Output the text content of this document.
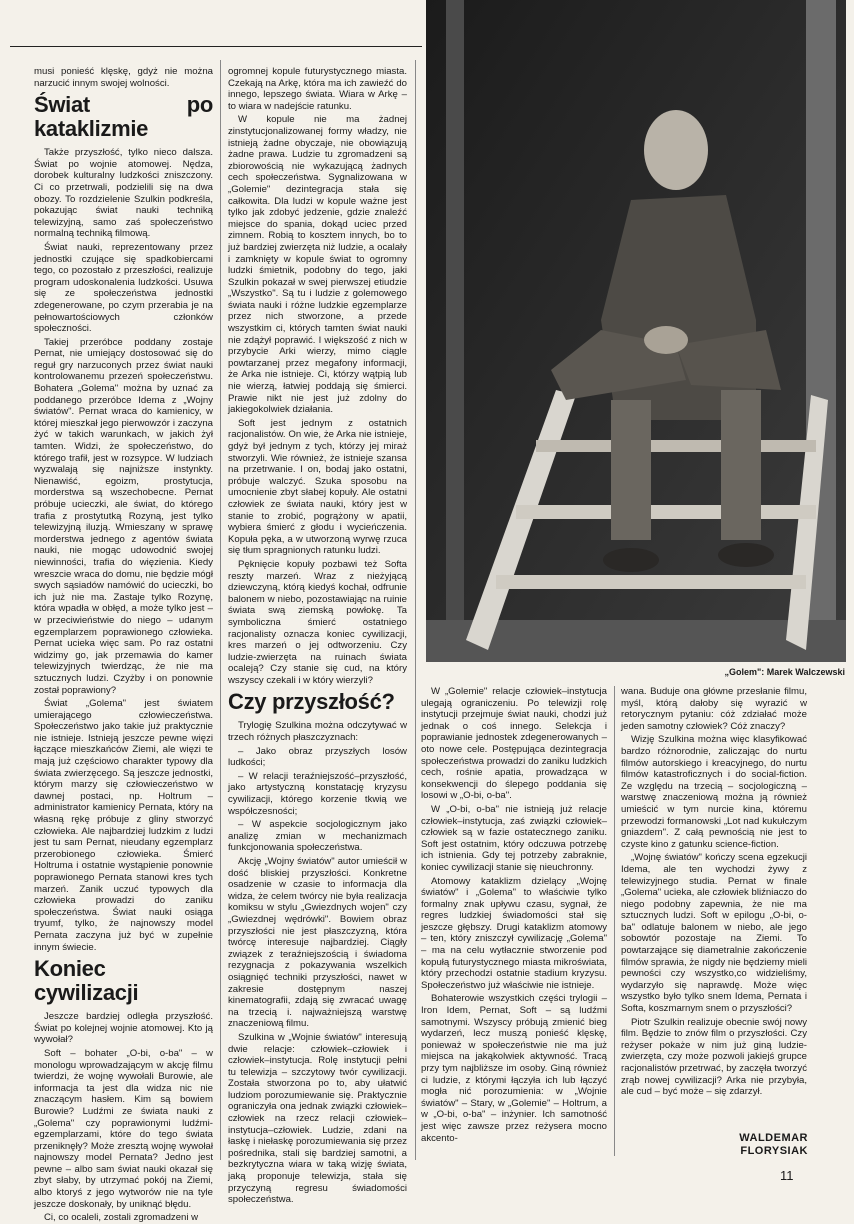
musi ponieść klęskę, gdyż nie można narzucić innym swojej wolności.

Świat po kataklizmie

Także przyszłość, tylko nieco dalsza. Świat po wojnie atomowej. Nędza, dorobek kulturalny ludzkości zniszczony. Ci co przetrwali, podzielili się na dwa obozy. To rozdzielenie Szulkin podkreśla, pokazując świat nauki techniką telewizyjną, samo zaś społeczeństwo normalną techniką filmową.

Świat nauki, reprezentowany przez jednostki czujące się spadkobiercami tego, co pozostało z przeszłości, realizuje program udoskonalenia ludzkości. Usuwa się ze społeczeństwa jednostki zdegenerowane, po czym przerabia je na pełnowartościowych członków społeczności.

Takiej przeróbce poddany zostaje Pernat, nie umiejący dostosować się do reguł gry narzuconych przez świat nauki kontrolowanemu przezeń społeczeństwu. Bohatera „Golema" można by uznać za poddanego przeróbce Idema z „Wojny światów". Pernat wraca do kamienicy, w której mieszkał jego pierwowzór i zaczyna żyć w takich warunkach, w jakich żył tamten. Widzi, że społeczeństwo, do którego trafił, jest w rozsypce. W ludziach wyzwalają się najniższe instynkty. Nienawiść, egoizm, prostytucja, morderstwa są wszechobecne. Pernat próbuje ucieczki, ale świat, do którego trafia z prostytutką Rozyną, jest tylko telewizyjną iluzją. Wmieszany w sprawę morderstwa jednego z agentów świata nauki, nie mogąc udowodnić swojej niewinności, trafia do więzienia. Kiedy wreszcie wraca do domu, nie będzie mógł swych sąsiadów namówić do ucieczki, bo ich już nie ma. Zastaje tylko Rozynę, która wpadła w obłęd, a może tylko jest – w przeciwieństwie do niego – udanym egzemplarzem poprawionego człowieka. Pernat ucieka więc sam. Po raz ostatni widzimy go, jak przemawia do kamer telewizyjnych twierdząc, że nie ma sztucznych ludzi. Czyżby i on ponownie został poprawiony?

Świat „Golema" jest światem umierającego człowieczeństwa. Społeczeństwo jako takie już praktycznie nie istnieje. Istnieją jeszcze pewne więzi łączące mieszkańców Ziemi, ale więzi te mają już częściowo charakter typowy dla świata zwierzęcego. Są jeszcze jednostki, którym marzy się człowieczeństwo w dawnej postaci, np. Holtrum – administrator kamienicy Pernata, który na własną rękę próbuje z gliny stworzyć człowieka. Ale najbardziej ludzkim z ludzi jest tu sam Pernat, nieudany egzemplarz przerobionego człowieka. Śmierć Holtruma i ostatnie wystąpienie ponownie poprawionego Pernata stanowi kres tych marzeń. Zanik uczuć typowych dla człowieka prowadzi do zaniku społeczeństwa. Świat nauki osiąga tryumf, tylko, że najnowszy model Pernata zaczyna już być w zupełnie innym świecie.

Koniec cywilizacji

Jeszcze bardziej odległa przyszłość. Świat po kolejnej wojnie atomowej. Kto ją wywołał?

Soft – bohater „O-bi, o-ba" – w monologu wprowadzającym w akcję filmu twierdzi, że wojnę wywołali Burowie, ale informacja ta jest dla widza nic nie znaczącym hasłem. Kim są bowiem Burowie? Ludźmi ze świata nauki z „Golema" czy poprawionymi ludźmi-egzemplarzami, które do tego świata przeniknęły? Może zresztą wojnę wywołał najnowszy model Pernata? Jedno jest pewne – albo sam świat nauki okazał się zbyt słaby, by utrzymać pokój na Ziemi, albo ktoryś z jego wytworów nie na tyle jeszcze doskonały, by uniknąć błędu.

Ci, co ocaleli, zostali zgromadzeni w

ogromnej kopule futurystycznego miasta. Czekają na Arkę, która ma ich zawieźć do innego, lepszego świata. Wiara w Arkę – to wiara w nadejście ratunku.

W kopule nie ma żadnej zinstytucjonalizowanej formy władzy, nie istnieją żadne obyczaje, nie obowiązują żadne prawa. Ludzie tu zgromadzeni są zbiorowością nie wykazującą żadnych cech społeczeństwa. Sygnalizowana w „Golemie" dezintegracja stała się całkowita. Dla ludzi w kopule ważne jest tylko jak zdobyć jedzenie, gdzie znaleźć miejsce do spania, dokąd uciec przed zimnem. Robią to kosztem innych, bo to już bardziej zwierzęta niż ludzie, a ocalały i zamknięty w kopule świat to ogromny ludzki śmietnik, podobny do tego, jaki Szulkin pokazał w swej pierwszej etiudzie „Wszystko". Są tu i ludzie z golemowego świata nauki i różne ludzkie egzemplarze przez nich stworzone, a przede wszystkim ci, których tamten świat nauki nie zdążył poprawić. I większość z nich w przybycie Arki wierzy, mimo ciągle powtarzanej przez megafony informacji, że Arka nie istnieje. Ci, którzy wątpią lub nie wierzą, łatwiej poddają się śmierci. Prawie nikt nie jest już zdolny do jakiegokolwiek działania.

Soft jest jednym z ostatnich racjonalistów. On wie, że Arka nie istnieje, gdyż był jednym z tych, którzy jej miraż stworzyli. Wie również, że istnieje szansa na przetrwanie. I on, bodaj jako ostatni, próbuje walczyć. Szuka sposobu na umocnienie zbyt słabej kopuły. Ale ostatni człowiek ze świata nauki, który jest w stanie to zrobić, pogrążony w apatii, wybiera śmierć z głodu i wycieńczenia. Kopuła pęka, a w utworzoną wyrwę rzuca się tłum spragnionych ratunku ludzi.

Pęknięcie kopuły pozbawi też Softa reszty marzeń. Wraz z nieżyjącą dziewczyną, którą kiedyś kochał, odfrunie balonem w niebo, pozostawiając na ruinie świata swą ziemską powłokę. Ta symboliczna śmierć ostatniego racjonalisty oznacza koniec cywilizacji, kres marzeń o jej odtworzeniu. Czy ludzie-zwierzęta na ruinach świata ocaleją? Czy stanie się cud, na który wszyscy czekali i w który wierzyli?

Czy przyszłość?

Trylogię Szulkina można odczytywać w trzech różnych płaszczyznach:

– Jako obraz przyszłych losów ludkości;

– W relacji teraźniejszość–przyszłość, jako artystyczną konstatację kryzysu cywilizacji, którego korzenie tkwią we współczesności;

– W aspekcie socjologicznym jako analizę zmian w mechanizmach funkcjonowania społeczeństwa.

Akcję „Wojny światów" autor umieścił w dość bliskiej przyszłości. Konkretne osadzenie w czasie to informacja dla widza, że celem twórcy nie była realizacja komiksu w stylu „Gwiezdnych wojen" czy „Gwiezdnej wędrówki". Bowiem obraz przyszłości nie jest płaszczyzną, która twórcę interesuje najbardziej. Ciągły związek z teraźniejszością i świadoma rezygnacja z pokazywania wszelkich osiągnięć techniki przyszłości, nawet w zakresie dostępnym naszej kinematografii, zdają się zwracać uwagę na trzecią i. najważniejszą warstwę znaczeniową filmu.

Szulkina w „Wojnie światów" interesują dwie relacje: człowiek–człowiek i człowiek–instytucja. Rolę instytucji pełni tu telewizja – szczytowy twór cywilizacji. Została stworzona po to, aby ułatwić ludziom porozumiewanie się. Praktycznie ograniczyła ona jednak związki człowiek–człowiek na rzecz relacji człowiek–instytucja–człowiek. Ludzie, zdani na łaskę i niełaskę porozumiewania się przez pośrednika, stali się bardziej samotni, a bezkrytyczna wiara w taką wizję świata, jaką proponuje telewizja, stała się przyczyną regresu świadomości społeczeństwa.

„Golem": Marek Walczewski

W „Golemie" relacje człowiek–instytucja ulegają ograniczeniu. Po telewizji rolę instytucji przejmuje świat nauki, chodzi już jednak o coś innego. Selekcja i poprawianie jednostek zdegenerowanych – oto nowe cele. Postępująca dezintegracja społeczeństwa prowadzi do zaniku ludzkich cech, rośnie apatia, prowadząca w konsekwencji do ślepego poddania się losowi w „O-bi, o-ba".

W „O-bi, o-ba" nie istnieją już relacje człowiek–instytucja, zaś związki człowiek–człowiek są w fazie ostatecznego zaniku. Soft jest ostatnim, który odczuwa potrzebę ich istnienia. Gdy tej potrzeby zabraknie, koniec cywilizacji stanie się nieuchronny.

Atomowy kataklizm dzielący „Wojnę światów" i „Golema" to właściwie tylko formalny znak upływu czasu, sygnał, że regres ludzkiej świadomości stał się jeszcze głębszy. Drugi kataklizm atomowy – ten, który zniszczył cywilizację „Golema" – ma na celu wytłacznie stworzenie pod kopułą futurystycznego miasta mikroświata, który przechodzi ostatnie stadium kryzysu. Społeczeństwo już właściwie nie istnieje.

Bohaterowie wszystkich części trylogii – Iron Idem, Pernat, Soft – są ludźmi samotnymi. Wszyscy próbują zmienić bieg wydarzeń, lecz muszą ponieść klęskę, ponieważ w społeczeństwie nie ma już miejsca na jakąkolwiek aktywność. Tracą przy tym najbliższe im osoby. Giną również ci ludzie, z którymi łączyła ich lub łączyć mogła nić porozumienia: w „Wojnie światów" – Stary, w „Golemie" – Holtrum, a w „O-bi, o-ba" – inżynier. Ich samotność jest więc zawsze przez reżysera mocno akcento-

wana. Buduje ona główne przesłanie filmu, myśl, którą dałoby się wyrazić w retorycznym pytaniu: cóż zdziałać może jeden samotny człowiek? Cóż znaczy?

Wizję Szulkina można więc klasyfikować bardzo różnorodnie, zaliczając do nurtu filmów autorskiego i kreacyjnego, do nurtu filmów katastroficznych i do social-fiction. Ze względu na trzecią – socjologiczną – warstwę znaczeniową można ją również umieścić w tym nurcie kina, któremu przewodzi formanowski „Lot nad kukułczym gniazdem". Z całą pewnością nie jest to czyste kino z gatunku science-fiction.

„Wojnę światów" kończy scena egzekucji Idema, ale ten wychodzi żywy z telewizyjnego studia. Pernat w finale „Golema" ucieka, ale człowiek bliźniaczo do niego podobny zapewnia, że nie ma sztucznych ludzi. Soft w epilogu „O-bi, o-ba" odlatuje balonem w niebo, ale jego sobowtór pozostaje na Ziemi. To powtarzające się diametralnie zakończenie filmów sprawia, że nigdy nie będziemy mieli pewności czy wszystko,co widzieliśmy, wydarzyło się naprawdę. Może więc wszystko było tylko snem Idema, Pernata i Softa, koszmarnym snem o przyszłości?

Piotr Szulkin realizuje obecnie swój nowy film. Będzie to znów film o przyszłości. Czy reżyser pokaże w nim już giną ludzie-zwierzęta, czy może pozwoli jakiejś grupce racjonalistów przetrwać, by zaczęła tworzyć zrąb nowej cywilizacji? Arka nie przybyła, ale cud – być może – się zdarzył.

WALDEMAR
FLORYSIAK
11
